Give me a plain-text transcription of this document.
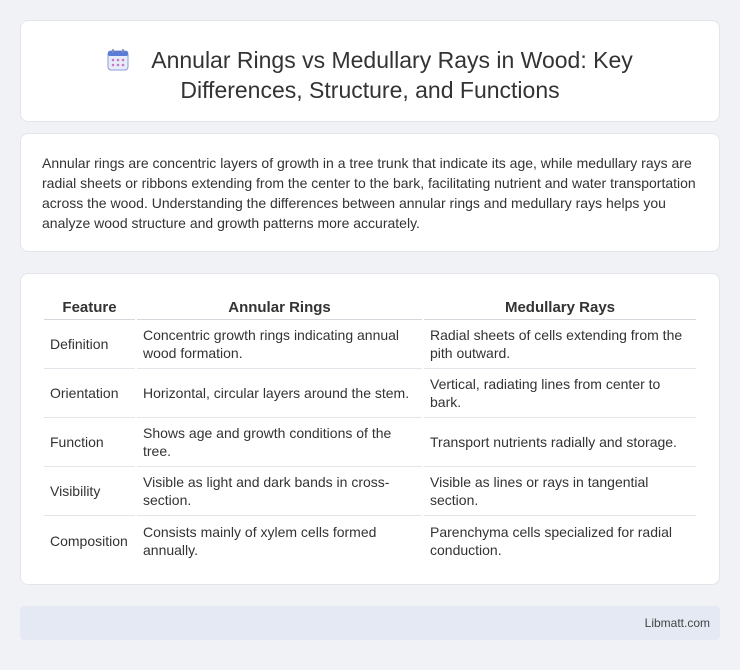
Annular Rings vs Medullary Rays in Wood: Key Differences, Structure, and Functions

Annular rings are concentric layers of growth in a tree trunk that indicate its age, while medullary rays are radial sheets or ribbons extending from the center to the bark, facilitating nutrient and water transportation across the wood. Understanding the differences between annular rings and medullary rays helps you analyze wood structure and growth patterns more accurately.

Feature	Annular Rings	Medullary Rays
Definition	Concentric growth rings indicating annual wood formation.	Radial sheets of cells extending from the pith outward.
Orientation	Horizontal, circular layers around the stem.	Vertical, radiating lines from center to bark.
Function	Shows age and growth conditions of the tree.	Transport nutrients radially and storage.
Visibility	Visible as light and dark bands in cross-section.	Visible as lines or rays in tangential section.
Composition	Consists mainly of xylem cells formed annually.	Parenchyma cells specialized for radial conduction.
Libmatt.com
